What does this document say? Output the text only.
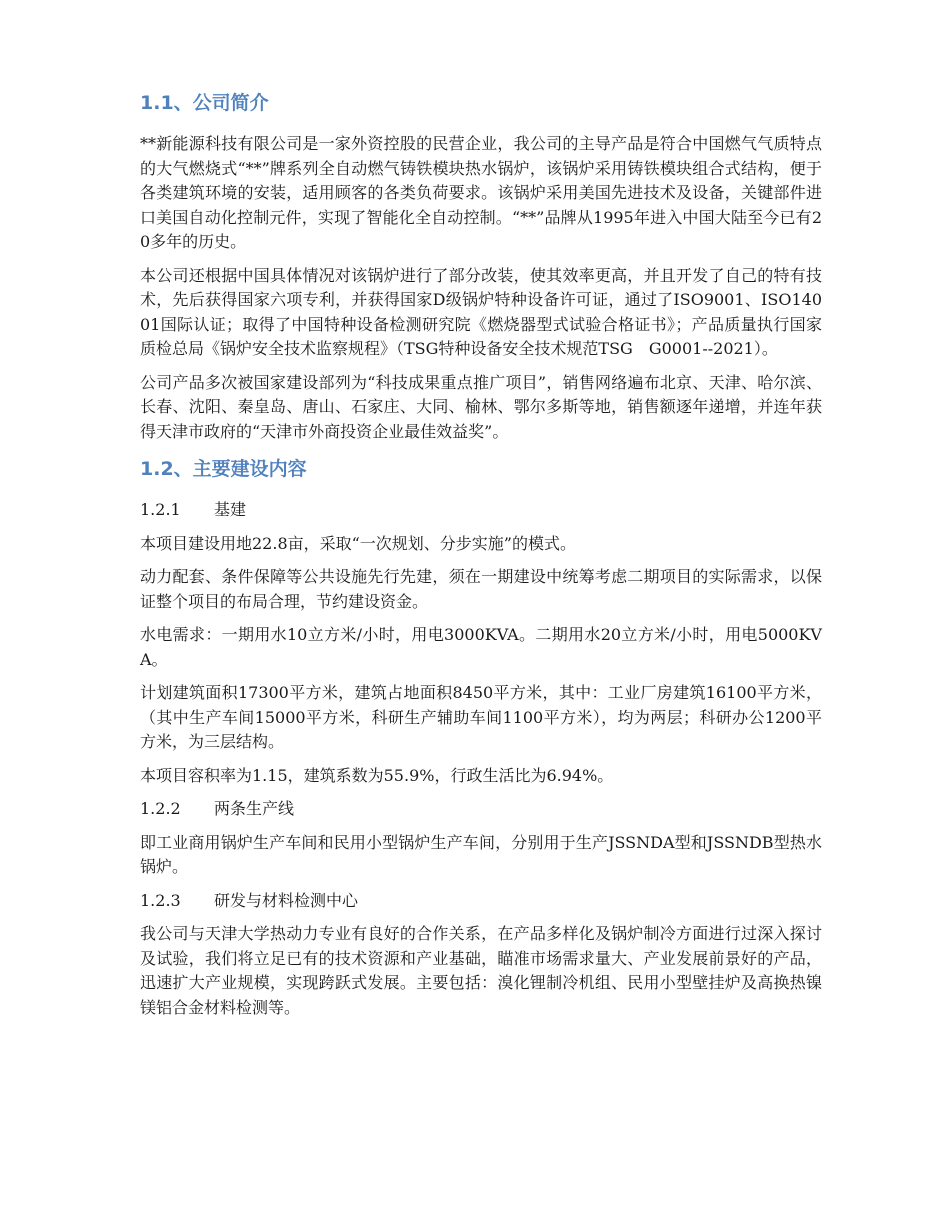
1.1、公司简介

**新能源科技有限公司是一家外资控股的民营企业，我公司的主导产品是符合中国燃气气质特点的大气燃烧式“**”牌系列全自动燃气铸铁模块热水锅炉，该锅炉采用铸铁模块组合式结构，便于各类建筑环境的安装，适用顾客的各类负荷要求。该锅炉采用美国先进技术及设备，关键部件进口美国自动化控制元件，实现了智能化全自动控制。“**”品牌从1995年进入中国大陆至今已有20多年的历史。

本公司还根据中国具体情况对该锅炉进行了部分改装，使其效率更高，并且开发了自己的特有技术，先后获得国家六项专利，并获得国家D级锅炉特种设备许可证，通过了ISO9001、ISO14001国际认证；取得了中国特种设备检测研究院《燃烧器型式试验合格证书》；产品质量执行国家质检总局《锅炉安全技术监察规程》（TSG特种设备安全技术规范TSG　G0001--2021）。

公司产品多次被国家建设部列为“科技成果重点推广项目”，销售网络遍布北京、天津、哈尔滨、长春、沈阳、秦皇岛、唐山、石家庄、大同、榆林、鄂尔多斯等地，销售额逐年递增，并连年获得天津市政府的“天津市外商投资企业最佳效益奖”。

1.2、主要建设内容
1.2.1 基建

本项目建设用地22.8亩，采取“一次规划、分步实施”的模式。

动力配套、条件保障等公共设施先行先建，须在一期建设中统筹考虑二期项目的实际需求，以保证整个项目的布局合理，节约建设资金。

水电需求：一期用水10立方米/小时，用电3000KVA。二期用水20立方米/小时，用电5000KVA。

计划建筑面积17300平方米，建筑占地面积8450平方米，其中：工业厂房建筑16100平方米，（其中生产车间15000平方米，科研生产辅助车间1100平方米），均为两层；科研办公1200平方米，为三层结构。

本项目容积率为1.15，建筑系数为55.9%，行政生活比为6.94%。

1.2.2 两条生产线

即工业商用锅炉生产车间和民用小型锅炉生产车间，分别用于生产JSSNDA型和JSSNDB型热水锅炉。

1.2.3 研发与材料检测中心

我公司与天津大学热动力专业有良好的合作关系，在产品多样化及锅炉制冷方面进行过深入探讨及试验，我们将立足已有的技术资源和产业基础，瞄准市场需求量大、产业发展前景好的产品，迅速扩大产业规模，实现跨跃式发展。主要包括：溴化锂制冷机组、民用小型壁挂炉及高换热镍镁铝合金材料检测等。
